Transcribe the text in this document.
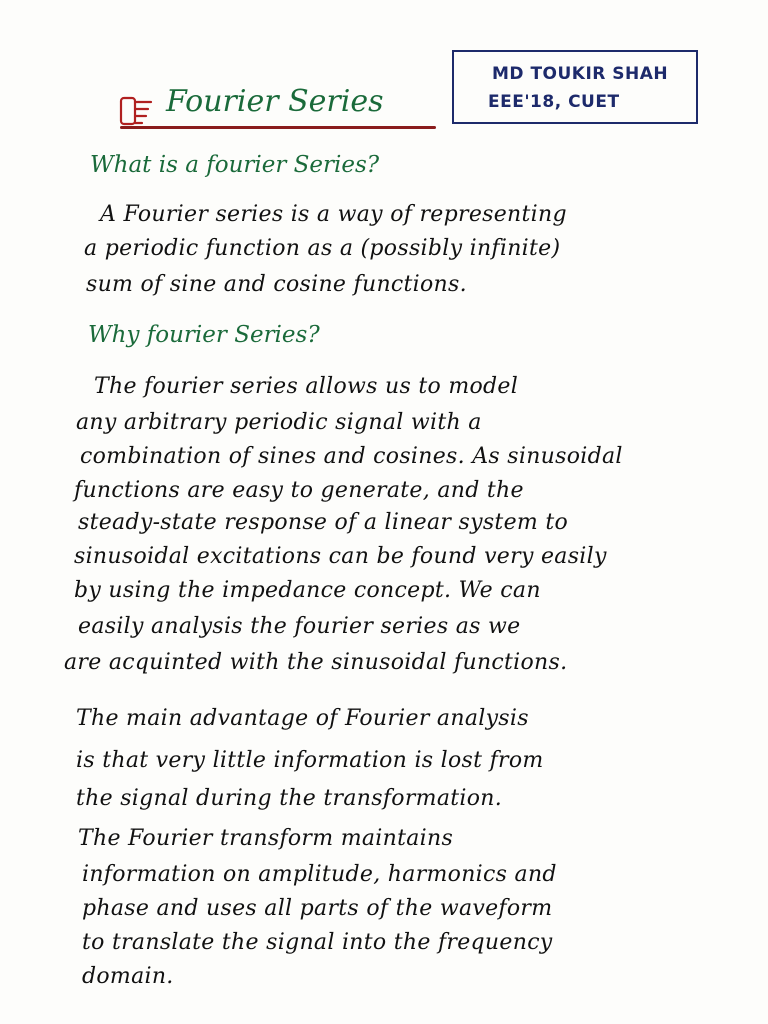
MD TOUKIR SHAH
EEE'18, CUET
Fourier Series
What is a fourier Series?
A Fourier series is a way of representing
a periodic function as a (possibly infinite)
sum of sine and cosine functions.
Why fourier Series?
The fourier series allows us to model
any arbitrary periodic signal with a
combination of sines and cosines. As sinusoidal
functions are easy to generate, and the
steady-state response of a linear system to
sinusoidal excitations can be found very easily
by using the impedance concept. We can
easily analysis the fourier series as we
are acquinted with the sinusoidal functions.
The main advantage of Fourier analysis
is that very little information is lost from
the signal during the transformation.
The Fourier transform maintains
information on amplitude, harmonics and
phase and uses all parts of the waveform
to translate the signal into the frequency
domain.
